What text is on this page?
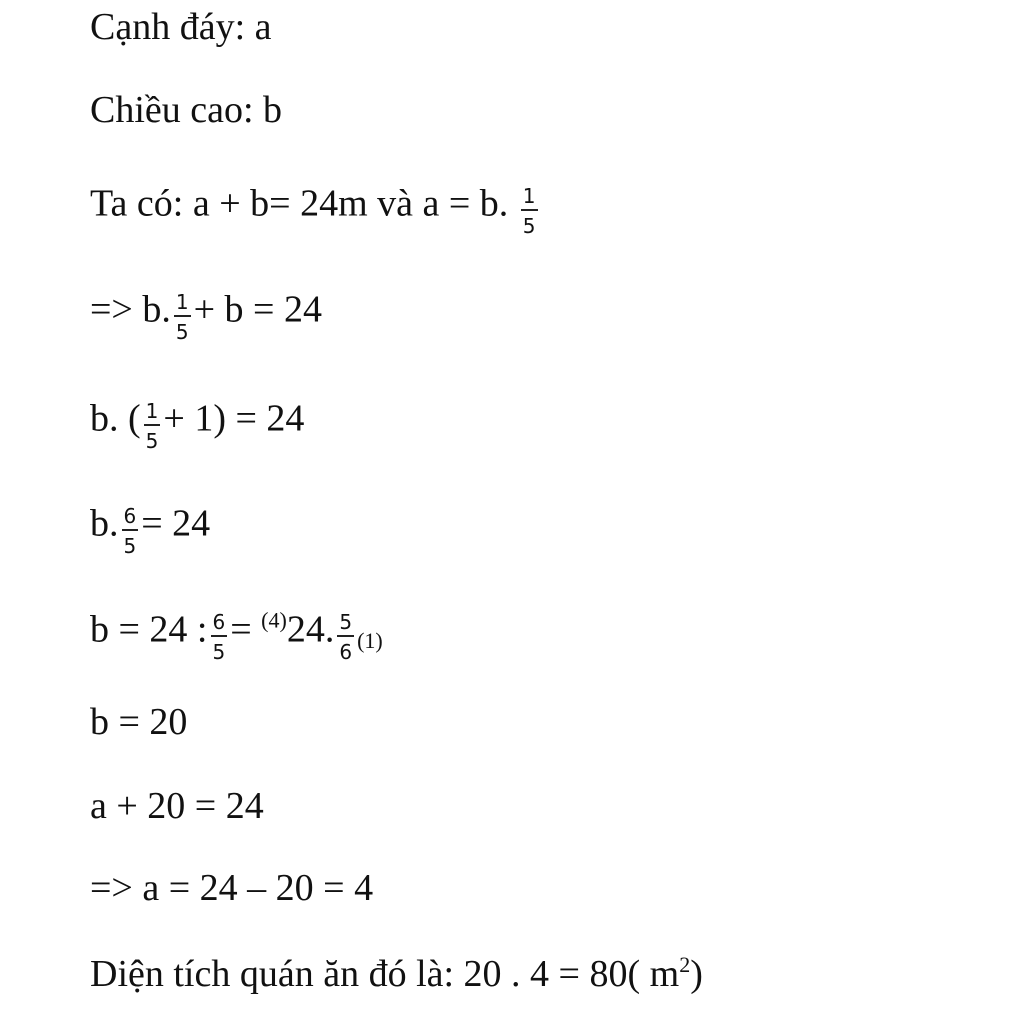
Cạnh đáy: a
Chiều cao: b
Ta có: a + b= 24m và a = b. $\frac{1}{5}$
=> b. $\frac{1}{5} + b = 24$
b. ( $\frac{1}{5} + 1) = 24$
b. $\frac{6}{5} = 24$
b = 24 : $\frac{6}{5} = ^{(4)}24$. $\frac{5}{6} (1)$
b = 20
a + 20 = 24
=> a = 24 – 20 = 4
Diện tích quán ăn đó là: 20 . 4 = 80( $m^2$)
